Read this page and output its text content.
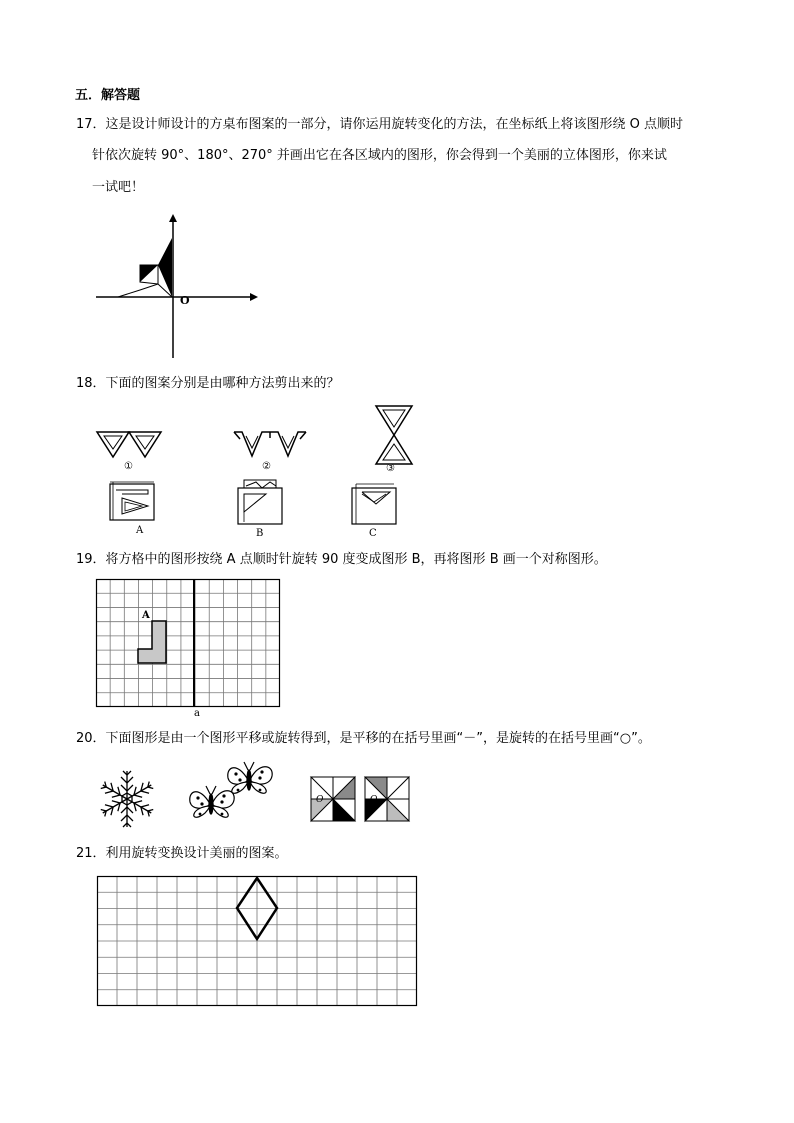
五．解答题
17．这是设计师设计的方桌布图案的一部分，请你运用旋转变化的方法，在坐标纸上将该图形绕 O 点顺时
针依次旋转 90°、180°、270° 并画出它在各区域内的图形，你会得到一个美丽的立体图形，你来试
一试吧！
O
18．下面的图案分别是由哪种方法剪出来的？
①	②	③
A	B	C
19．将方格中的图形按绕 A 点顺时针旋转 90 度变成图形 B，再将图形 B 画一个对称图形。
A
a
20．下面图形是由一个图形平移或旋转得到，是平移的在括号里画“－”，是旋转的在括号里画“○”。
O	O
21．利用旋转变换设计美丽的图案。
